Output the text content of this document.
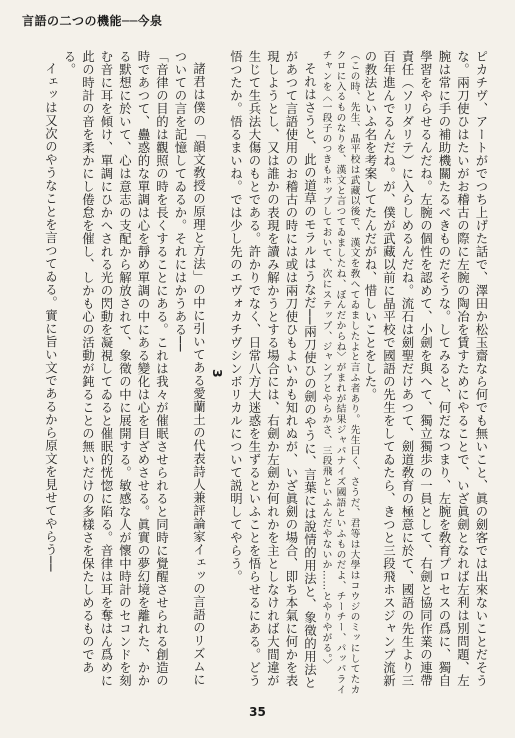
言語の二つの機能──今泉

ピカチヴ、アートがでつち上げた話で、澤田か松玉齋なら何でも無いこと、眞の劍客では出來ないことだそうな。兩刀使ひはたいがお稽古の際に左腕の陶冶を賃すためにやることで、いざ眞劍となれば左利は別問題、左腕は常に手の補助機關たるべきものだそうな。してみると、何だなつまり、左腕を敎育プロセスの爲に、獨自學習をやらせるんだね。左腕の個性を認めて、小劍を與へて、獨立獨歩の一員として、右劍と協同作業の連帶責任（ソリダリテ）に入らしめるんだね。流石は劍聖だけあつて、劍道敎育の極意に於て、國語の先生より三百年進んでるんだね。が、僕が武藏以前に晶平校で國語の先生をしてゐたら、きつと三段飛ホスジャンプ流新の教法といふ名を考案してたんだがね、惜しいことをした。

（この時、先生、晶平校は武藏以後で、漢文を敎へてゐましたよと言ふ者あり。先生曰く、さうだ、君等は大學はコウジのミッにしてたカクロに入るものなりを、漢文と言つてゐましたね、ぽんだからね〉がまれが結果ジャパナイズ國語といふものだよ、チーチー、パッパライチャンを〈一段子のつきもホップしておいて、次にステップ、ジャンプとやらかさ、三段飛といふんだやないか……とやりやがる。〉

それはさうと、此の道草のモラルはうなだ──兩刀使ひの劍のやうに、言葉には說情的用法と、象徵的用法とがあつて言語使用のお稽古の時には或は兩刀使ひもよいかも知れぬが、いざ眞劍の場合、即ち本氣に何かを表現しようとし、又は誰かの表現を讀み解かうとする場合には、右劍か左劍か何れかを主としなければ大間違が生じて生兵法大傷のもとである。許かりでなく、日常八方大迷惑を生ずるといふことを悟らせるにある。どう悟つたか。悟るまいね。では少し先のエヴォカチヴシンボリカルについて説明してやらう。

3

諸君は僕の「韻文敎授の原理と方法」の中に引いてある愛蘭土の代表詩人兼評論家イェッの言語のリズムについての言を記憶してゐるか。それにはかうある──

「音律の目的は觀照の時を長くすることにある。これは我々が催眠させられると同時に覺醒させられる創造の時であつて、蠱惑的な單調は心を靜め單調の中にある變化は心を目ざめさせる。眞實の夢幻境を離れた、かかる默想に於いて、心は意志の支配から解放されて、象徵の中に展開する。敏感な人が懷中時計のセコンドを刻む音に耳を傾け、單調にひかへされる光の閃動を凝視してゐると催眠的恍惚に陷る。音律は耳を奪はん爲めに此の時計の音を柔かにし倦怠を催し、しかも心の活動が鈍ることの無いだけの多樣さを保たしめるものである。

イェッは又次のやうなことを言つてゐる。實に旨い文であるから原文を見せてやらう──

35
